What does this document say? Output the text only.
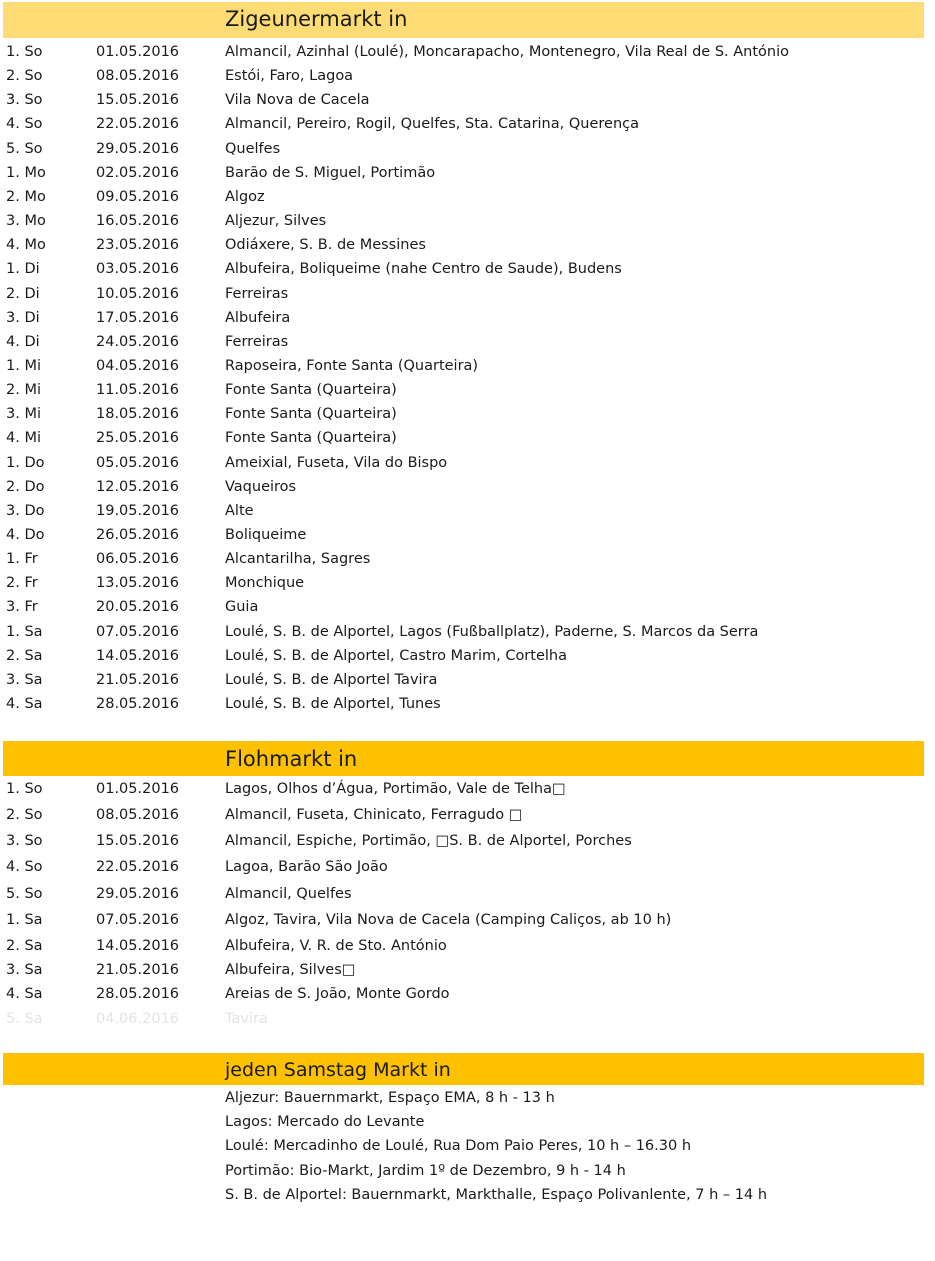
Zigeunermarkt in
1. So	01.05.2016	Almancil, Azinhal (Loulé), Moncarapacho, Montenegro, Vila Real de S. António
2. So	08.05.2016	Estói, Faro, Lagoa
3. So	15.05.2016	Vila Nova de Cacela
4. So	22.05.2016	Almancil, Pereiro, Rogil, Quelfes, Sta. Catarina, Querença
5. So	29.05.2016	Quelfes
1. Mo	02.05.2016	Barão de S. Miguel, Portimão
2. Mo	09.05.2016	Algoz
3. Mo	16.05.2016	Aljezur, Silves
4. Mo	23.05.2016	Odiáxere, S. B. de Messines
1. Di	03.05.2016	Albufeira, Boliqueime (nahe Centro de Saude), Budens
2. Di	10.05.2016	Ferreiras
3. Di	17.05.2016	Albufeira
4. Di	24.05.2016	Ferreiras
1. Mi	04.05.2016	Raposeira, Fonte Santa (Quarteira)
2. Mi	11.05.2016	Fonte Santa (Quarteira)
3. Mi	18.05.2016	Fonte Santa (Quarteira)
4. Mi	25.05.2016	Fonte Santa (Quarteira)
1. Do	05.05.2016	Ameixial, Fuseta, Vila do Bispo
2. Do	12.05.2016	Vaqueiros
3. Do	19.05.2016	Alte
4. Do	26.05.2016	Boliqueime
1. Fr	06.05.2016	Alcantarilha, Sagres
2. Fr	13.05.2016	Monchique
3. Fr	20.05.2016	Guia
1. Sa	07.05.2016	Loulé, S. B. de Alportel, Lagos (Fußballplatz), Paderne, S. Marcos da Serra
2. Sa	14.05.2016	Loulé, S. B. de Alportel, Castro Marim, Cortelha
3. Sa	21.05.2016	Loulé, S. B. de Alportel Tavira
4. Sa	28.05.2016	Loulé, S. B. de Alportel, Tunes
Flohmarkt in
1. So	01.05.2016	Lagos, Olhos d’Água, Portimão, Vale de Telha□
2. So	08.05.2016	Almancil, Fuseta, Chinicato, Ferragudo □
3. So	15.05.2016	Almancil, Espiche, Portimão, □S. B. de Alportel, Porches
4. So	22.05.2016	Lagoa, Barão São João
5. So	29.05.2016	Almancil, Quelfes
1. Sa	07.05.2016	Algoz, Tavira, Vila Nova de Cacela (Camping Caliços, ab 10 h)
2. Sa	14.05.2016	Albufeira, V. R. de Sto. António
3. Sa	21.05.2016	Albufeira, Silves□
4. Sa	28.05.2016	Areias de S. João, Monte Gordo
5. Sa	04.06.2016	Tavira
jeden Samstag Markt in
Aljezur: Bauernmarkt, Espaço EMA, 8 h - 13 h
Lagos: Mercado do Levante
Loulé: Mercadinho de Loulé, Rua Dom Paio Peres, 10 h – 16.30 h
Portimão: Bio-Markt, Jardim 1º de Dezembro, 9 h - 14 h
S. B. de Alportel: Bauernmarkt, Markthalle, Espaço Polivanlente, 7 h – 14 h
